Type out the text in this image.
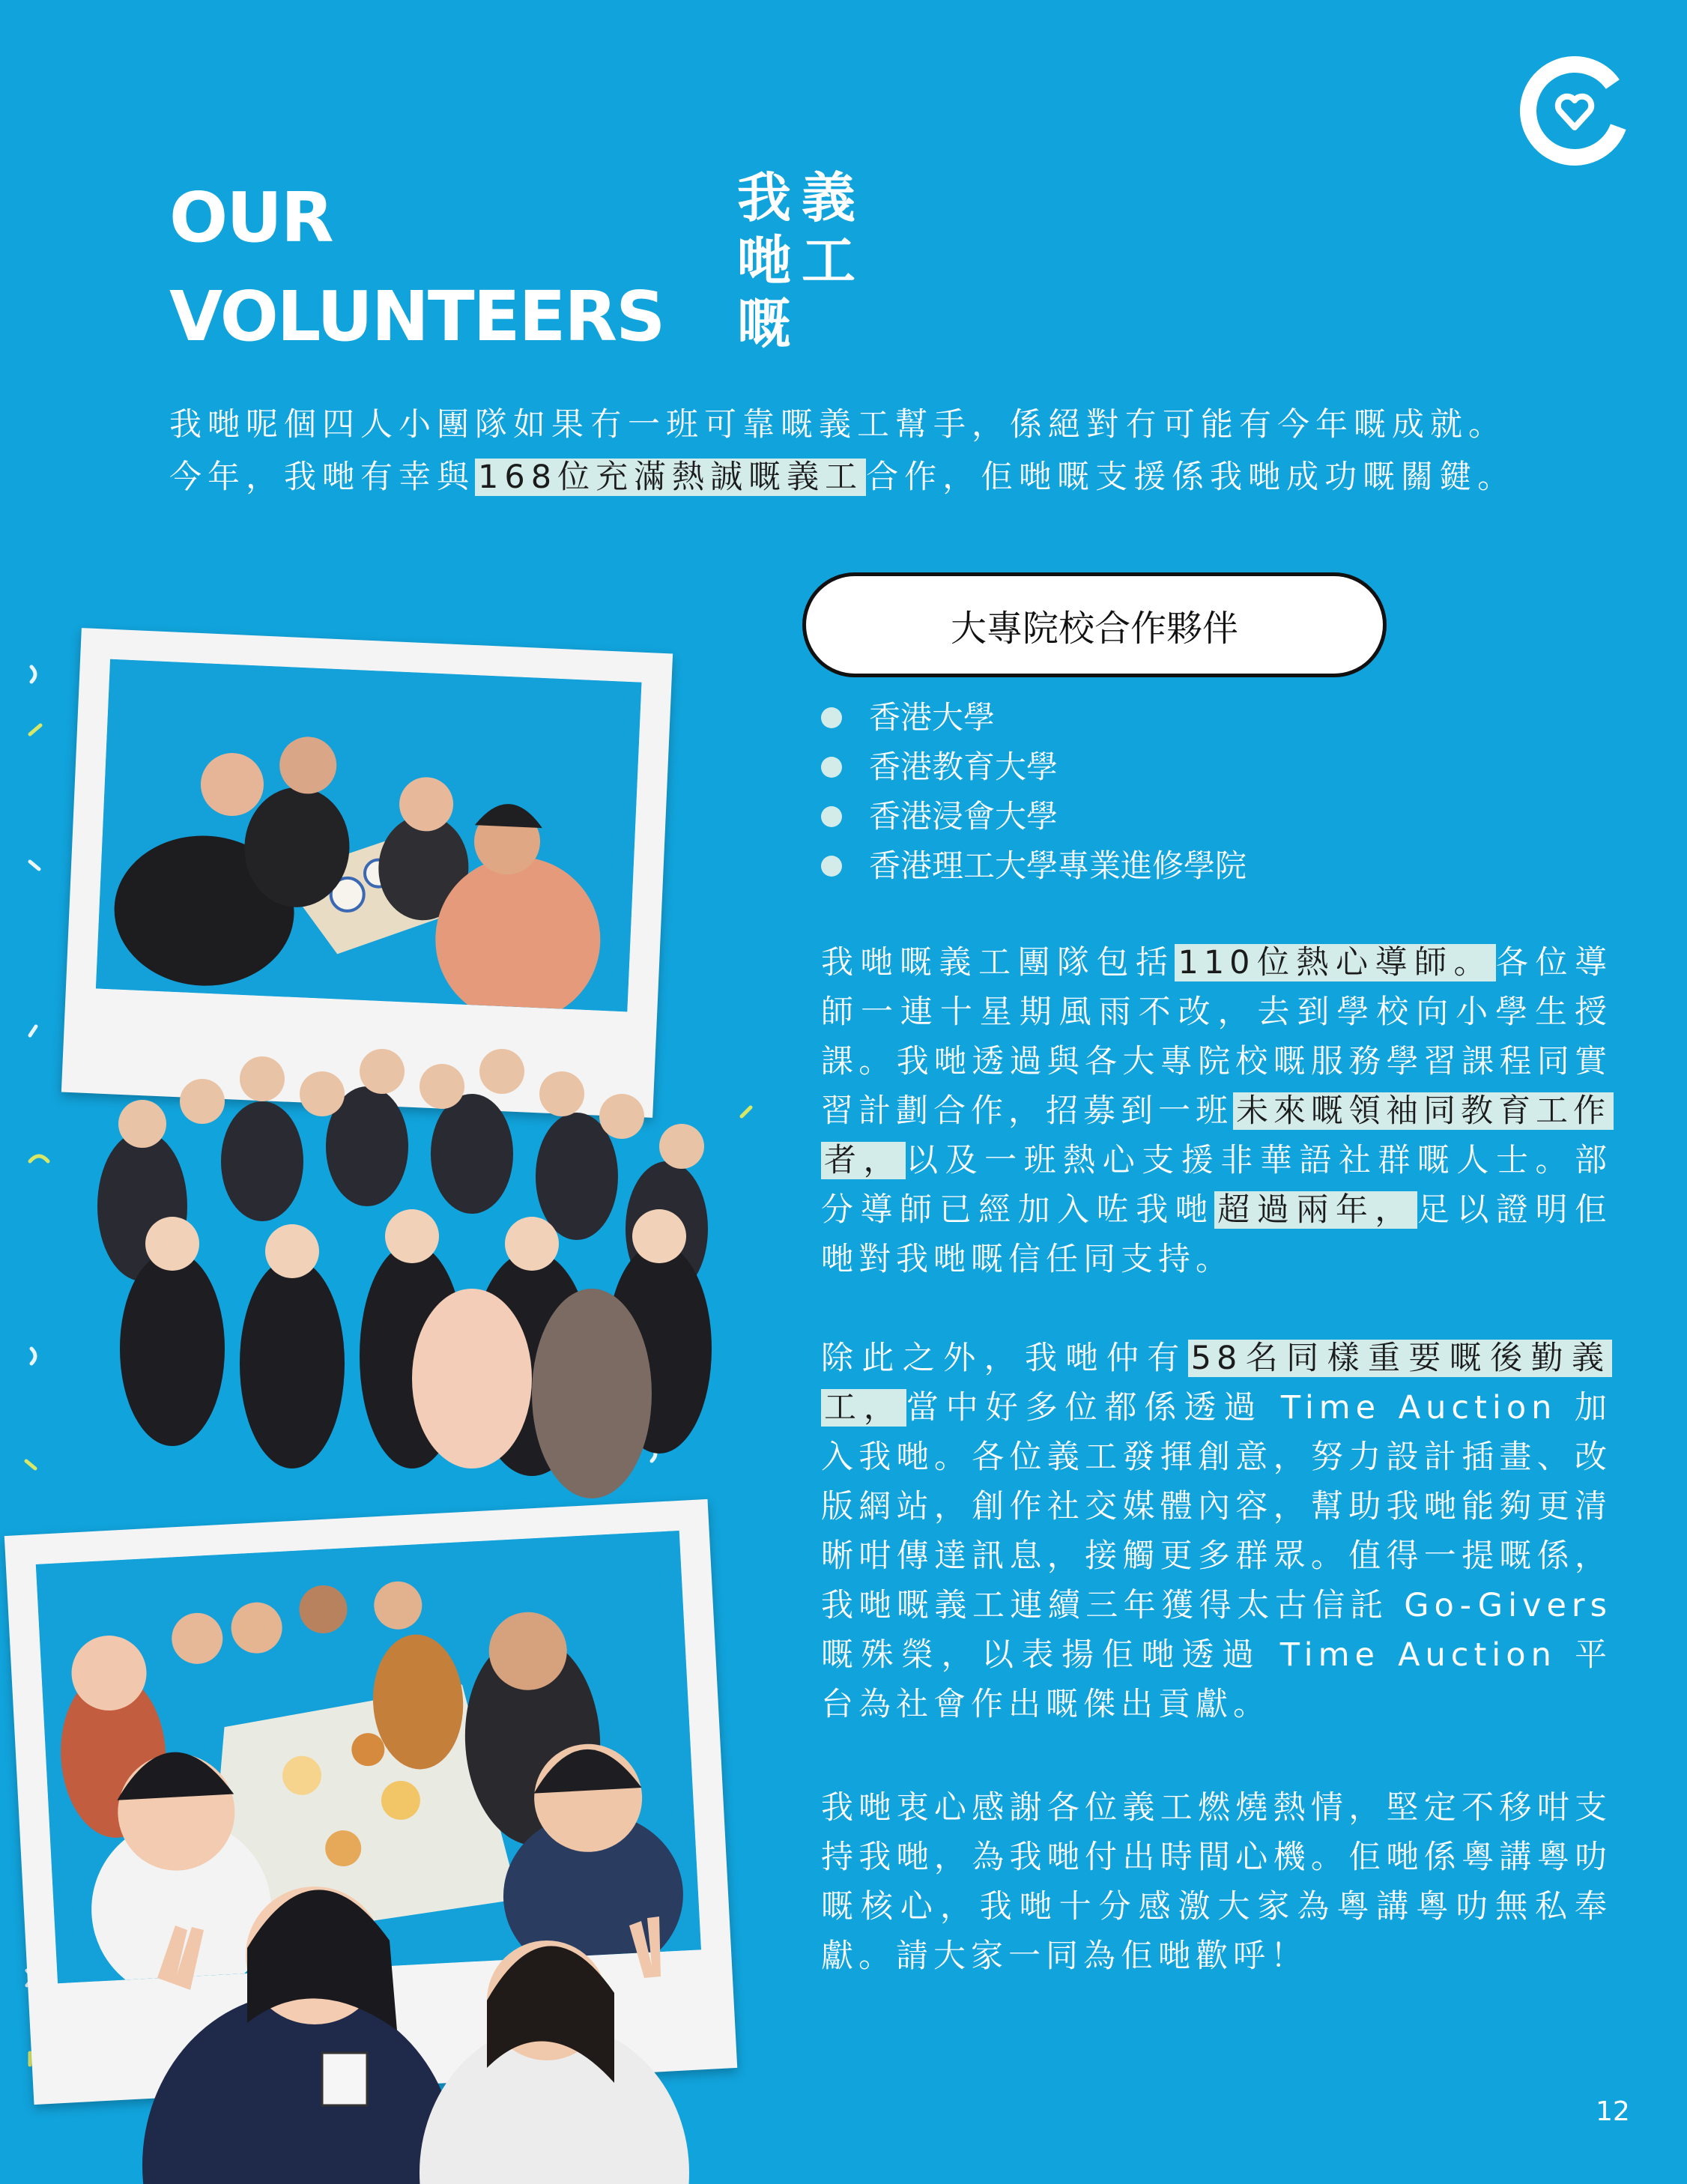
OUR
VOLUNTEERS
我
哋
嘅
義
工

我哋呢個四人小團隊如果冇一班可靠嘅義工幫手，係絕對冇可能有今年嘅成就。今年，我哋有幸與168位充滿熱誠嘅義工合作，佢哋嘅支援係我哋成功嘅關鍵。

大專院校合作夥伴
香港大學
香港教育大學
香港浸會大學
香港理工大學專業進修學院

我哋嘅義工團隊包括110位熱心導師。各位導師一連十星期風雨不改，去到學校向小學生授課。我哋透過與各大專院校嘅服務學習課程同實習計劃合作，招募到一班未來嘅領袖同教育工作者，以及一班熱心支援非華語社群嘅人士。部分導師已經加入咗我哋超過兩年，足以證明佢哋對我哋嘅信任同支持。

除此之外，我哋仲有58名同樣重要嘅後勤義工，當中好多位都係透過 Time Auction 加入我哋。各位義工發揮創意，努力設計插畫、改版網站，創作社交媒體內容，幫助我哋能夠更清晰咁傳達訊息，接觸更多群眾。值得一提嘅係，我哋嘅義工連續三年獲得太古信託 Go-Givers 嘅殊榮，以表揚佢哋透過 Time Auction 平台為社會作出嘅傑出貢獻。

我哋衷心感謝各位義工燃燒熱情，堅定不移咁支持我哋，為我哋付出時間心機。佢哋係粵講粵叻嘅核心，我哋十分感激大家為粵講粵叻無私奉獻。請大家一同為佢哋歡呼！

12
